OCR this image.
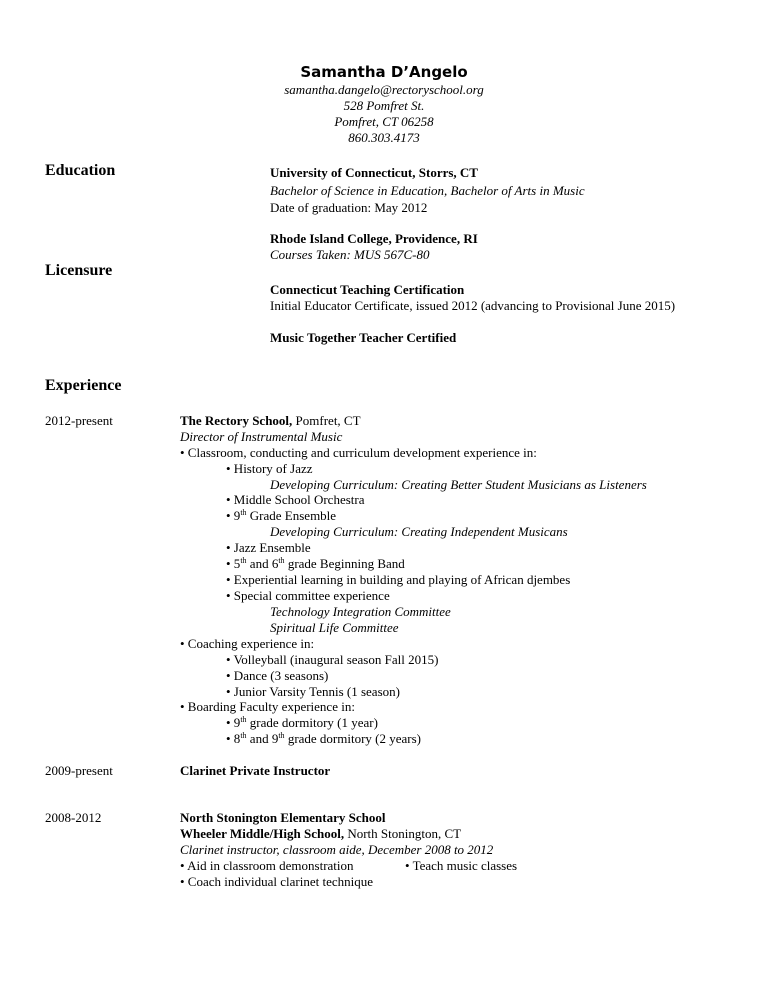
Samantha D’Angelo
samantha.dangelo@rectoryschool.org
528 Pomfret St.
Pomfret, CT 06258
860.303.4173
Education	University of Connecticut, Storrs, CT
Bachelor of Science in Education, Bachelor of Arts in Music
Date of graduation: May 2012
Rhode Island College, Providence, RI
Courses Taken: MUS 567C-80
Licensure
Connecticut Teaching Certification
Initial Educator Certificate, issued 2012 (advancing to Provisional June 2015)
Music Together Teacher Certified
Experience
2012-present	The Rectory School, Pomfret, CT
Director of Instrumental Music
• Classroom, conducting and curriculum development experience in:
• History of Jazz
Developing Curriculum: Creating Better Student Musicians as Listeners
• Middle School Orchestra
• 9th Grade Ensemble
Developing Curriculum: Creating Independent Musicans
• Jazz Ensemble
• 5th and 6th grade Beginning Band
• Experiential learning in building and playing of African djembes
• Special committee experience
Technology Integration Committee
Spiritual Life Committee
• Coaching experience in:
• Volleyball (inaugural season Fall 2015)
• Dance (3 seasons)
• Junior Varsity Tennis (1 season)
• Boarding Faculty experience in:
• 9th grade dormitory (1 year)
• 8th and 9th grade dormitory (2 years)
2009-present	Clarinet Private Instructor
2008-2012	North Stonington Elementary School
Wheeler Middle/High School, North Stonington, CT
Clarinet instructor, classroom aide, December 2008 to 2012
• Aid in classroom demonstration	• Teach music classes
• Coach individual clarinet technique
